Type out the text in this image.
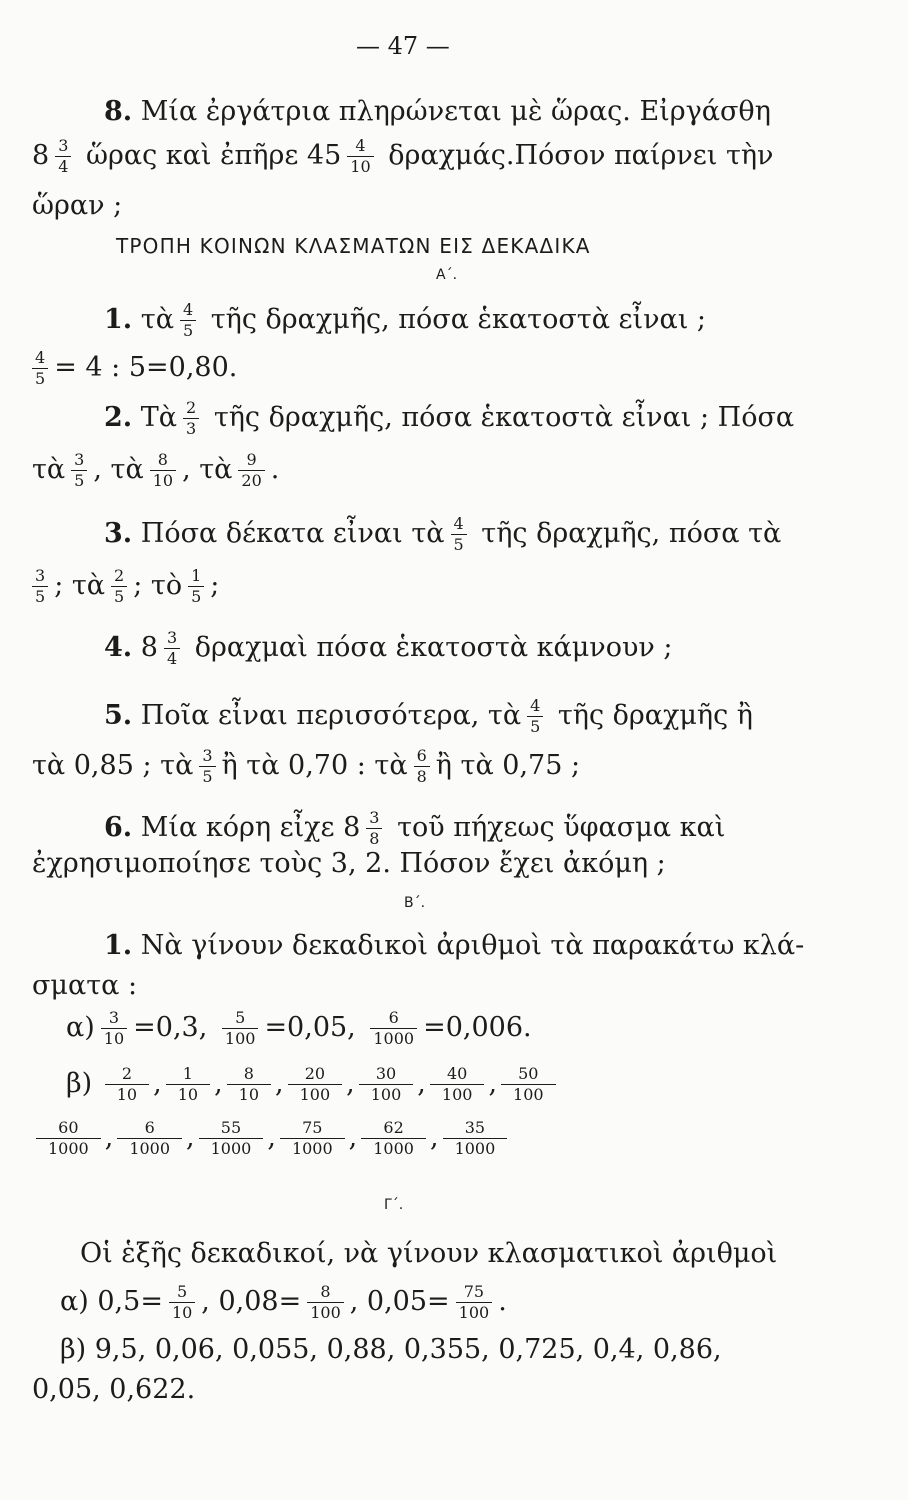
— 47 —
8. Μία ἐργάτρια πληρώνεται μὲ ὥρας. Εἰργάσθη
$8 \frac{3}{4}$ ὥρας καὶ ἐπῆρε $45 \frac{4}{10} \delta\rho\alpha\chi\mu ά\varsigma.\Pi ό\sigma o\nu$ παίρνει τὴν
ὥραν ;
ΤΡΟΠΗ ΚΟΙΝΩΝ ΚΛΑΣΜΑΤΩΝ ΕΙΣ ΔΕΚΑΔΙΚΑ
Α΄.
1. τὰ $\frac{4}{5}$ τῆς δραχμῆς, πόσα ἑκατοστὰ εἶναι ;
$\frac{4}{5} = 4$ : 5=0,80.
2. Τὰ $\frac{2}{3}$ τῆς δραχμῆς, πόσα ἑκατοστὰ εἶναι ; Πόσα
τὰ $\frac{3}{5}$ , τὰ $\frac{8}{10}$ , τὰ $\frac{9}{20}$ .
3. Πόσα δέκατα εἶναι τὰ $\frac{4}{5}$ τῆς δραχμῆς, πόσα τὰ
$\frac{3}{5}$ ; τὰ $\frac{2}{5}$ ; τὸ $\frac{1}{5}$ ;
4. $8 \frac{3}{4}$ δραχμαὶ πόσα ἑκατοστὰ κάμνουν ;
5. Ποῖα εἶναι περισσότερα, τὰ $\frac{4}{5}$ τῆς δραχμῆς ἢ
τὰ 0,85 ; τὰ $\frac{3}{5}$ ἢ τὰ 0,70 : τὰ $\frac{6}{8}$ ἢ τὰ 0,75 ;
6. Μία κόρη εἶχε $8 \frac{3}{8}$ τοῦ πήχεως ὕφασμα καὶ
ἐχρησιμοποίησε τοὺς 3, 2. Πόσον ἔχει ἀκόμη ;
Β΄.
1. Νὰ γίνουν δεκαδικοὶ ἀριθμοὶ τὰ παρακάτω κλά-
σματα :
$\alpha) \frac{3}{10} =0,3$, $\frac{5}{100} =0,05$, $\frac{6}{1000} =0,006$.
$\beta) \frac{2}{10}$ , $\frac{1}{10}$ , $\frac{8}{10}$ , $\frac{20}{100}$ , $\frac{30}{100}$ , $\frac{40}{100}$ , $\frac{50}{100}$
$\frac{60}{1000}$ , $\frac{6}{1000}$ , $\frac{55}{1000}$ , $\frac{75}{1000}$ , $\frac{62}{1000}$ , $\frac{35}{1000}$
Γ΄.
Οἱ ἑξῆς δεκαδικοί, νὰ γίνουν κλασματικοὶ ἀριθμοὶ
α) $0,5= \frac{5}{10}$ , $0,08= \frac{8}{100}$ , $0,05= \frac{75}{100}$ .
β) 9,5, 0,06, 0,055, 0,88, 0,355, 0,725, 0,4, 0,86,
0,05, 0,622.
